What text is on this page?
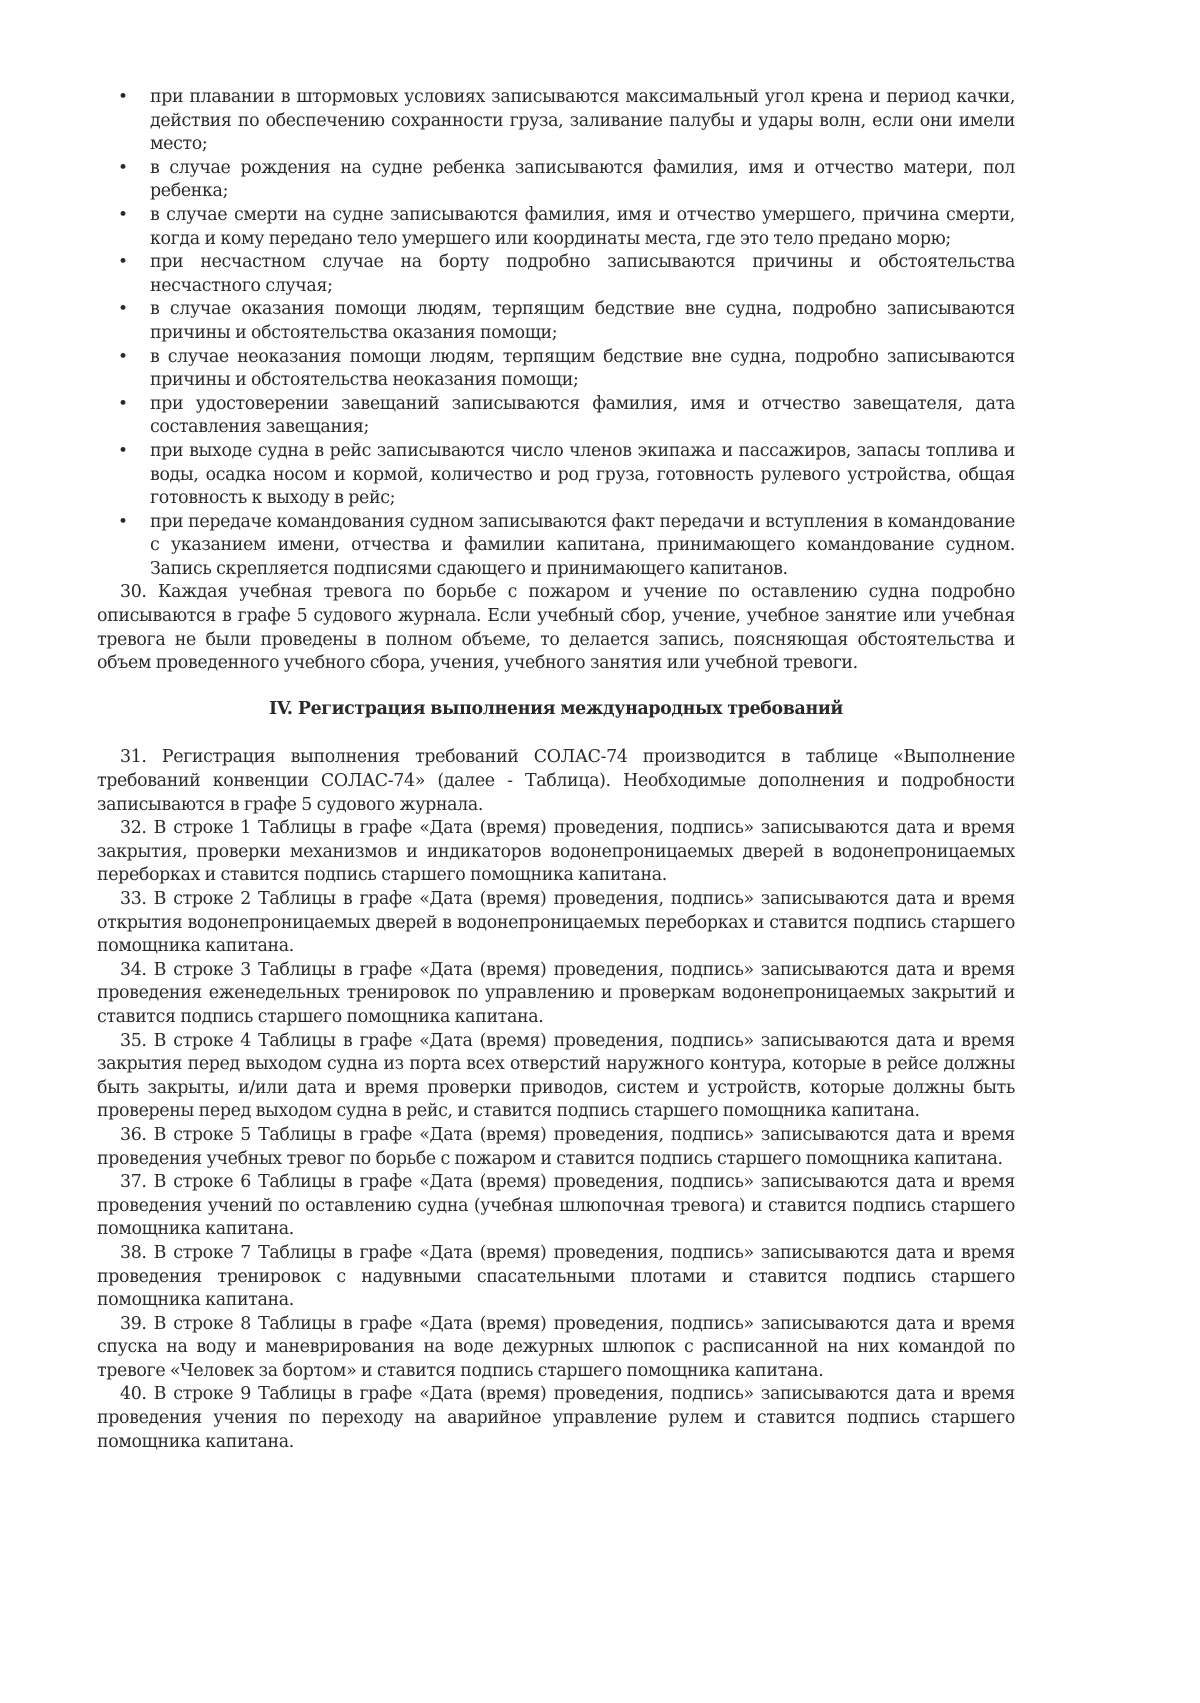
• при плавании в штормовых условиях записываются максимальный угол крена и период качки, действия по обеспечению сохранности груза, заливание палубы и удары волн, если они имели место;
• в случае рождения на судне ребенка записываются фамилия, имя и отчество матери, пол ребенка;
• в случае смерти на судне записываются фамилия, имя и отчество умершего, причина смерти, когда и кому передано тело умершего или координаты места, где это тело предано морю;
• при несчастном случае на борту подробно записываются причины и обстоятельства несчастного случая;
• в случае оказания помощи людям, терпящим бедствие вне судна, подробно записываются причины и обстоятельства оказания помощи;
• в случае неоказания помощи людям, терпящим бедствие вне судна, подробно записываются причины и обстоятельства неоказания помощи;
• при удостоверении завещаний записываются фамилия, имя и отчество завещателя, дата составления завещания;
• при выходе судна в рейс записываются число членов экипажа и пассажиров, запасы топлива и воды, осадка носом и кормой, количество и род груза, готовность рулевого устройства, общая готовность к выходу в рейс;
• при передаче командования судном записываются факт передачи и вступления в командование с указанием имени, отчества и фамилии капитана, принимающего командование судном. Запись скрепляется подписями сдающего и принимающего капитанов.

30. Каждая учебная тревога по борьбе с пожаром и учение по оставлению судна подробно описываются в графе 5 судового журнала. Если учебный сбор, учение, учебное занятие или учебная тревога не были проведены в полном объеме, то делается запись, поясняющая обстоятельства и объем проведенного учебного сбора, учения, учебного занятия или учебной тревоги.

IV. Регистрация выполнения международных требований

31. Регистрация выполнения требований СОЛАС-74 производится в таблице «Выполнение требований конвенции СОЛАС-74» (далее - Таблица). Необходимые дополнения и подробности записываются в графе 5 судового журнала.

32. В строке 1 Таблицы в графе «Дата (время) проведения, подпись» записываются дата и время закрытия, проверки механизмов и индикаторов водонепроницаемых дверей в водонепроницаемых переборках и ставится подпись старшего помощника капитана.

33. В строке 2 Таблицы в графе «Дата (время) проведения, подпись» записываются дата и время открытия водонепроницаемых дверей в водонепроницаемых переборках и ставится подпись старшего помощника капитана.

34. В строке 3 Таблицы в графе «Дата (время) проведения, подпись» записываются дата и время проведения еженедельных тренировок по управлению и проверкам водонепроницаемых закрытий и ставится подпись старшего помощника капитана.

35. В строке 4 Таблицы в графе «Дата (время) проведения, подпись» записываются дата и время закрытия перед выходом судна из порта всех отверстий наружного контура, которые в рейсе должны быть закрыты, и/или дата и время проверки приводов, систем и устройств, которые должны быть проверены перед выходом судна в рейс, и ставится подпись старшего помощника капитана.

36. В строке 5 Таблицы в графе «Дата (время) проведения, подпись» записываются дата и время проведения учебных тревог по борьбе с пожаром и ставится подпись старшего помощника капитана.

37. В строке 6 Таблицы в графе «Дата (время) проведения, подпись» записываются дата и время проведения учений по оставлению судна (учебная шлюпочная тревога) и ставится подпись старшего помощника капитана.

38. В строке 7 Таблицы в графе «Дата (время) проведения, подпись» записываются дата и время проведения тренировок с надувными спасательными плотами и ставится подпись старшего помощника капитана.

39. В строке 8 Таблицы в графе «Дата (время) проведения, подпись» записываются дата и время спуска на воду и маневрирования на воде дежурных шлюпок с расписанной на них командой по тревоге «Человек за бортом» и ставится подпись старшего помощника капитана.

40. В строке 9 Таблицы в графе «Дата (время) проведения, подпись» записываются дата и время проведения учения по переходу на аварийное управление рулем и ставится подпись старшего помощника капитана.
